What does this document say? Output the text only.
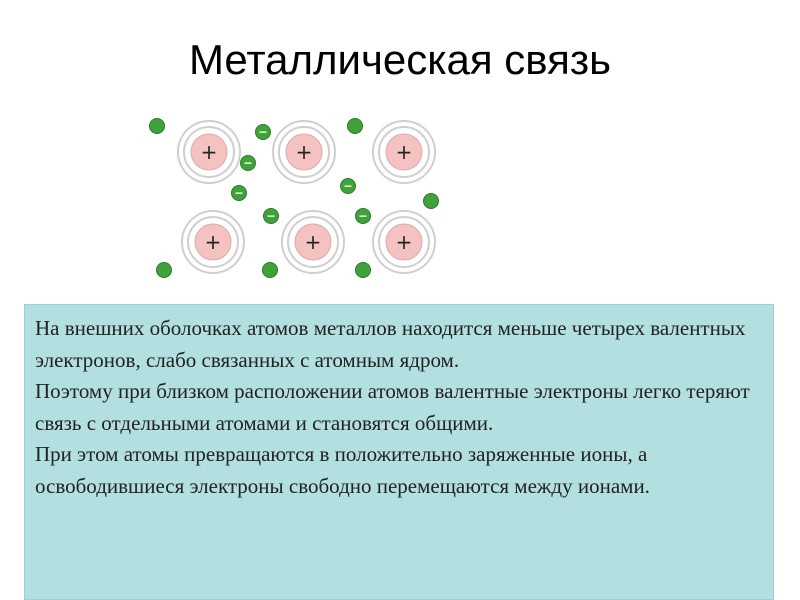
Металлическая связь
+	+	+
+	+	+
−
−
−
−
−	−

На внешних оболочках атомов металлов находится меньше четырех валентных электронов, слабо связанных с атомным ядром.

Поэтому при близком расположении атомов валентные электроны легко теряют связь с отдельными атомами и становятся общими.

При этом атомы превращаются в положительно заряженные ионы, а освободившиеся электроны свободно перемещаются между ионами.
